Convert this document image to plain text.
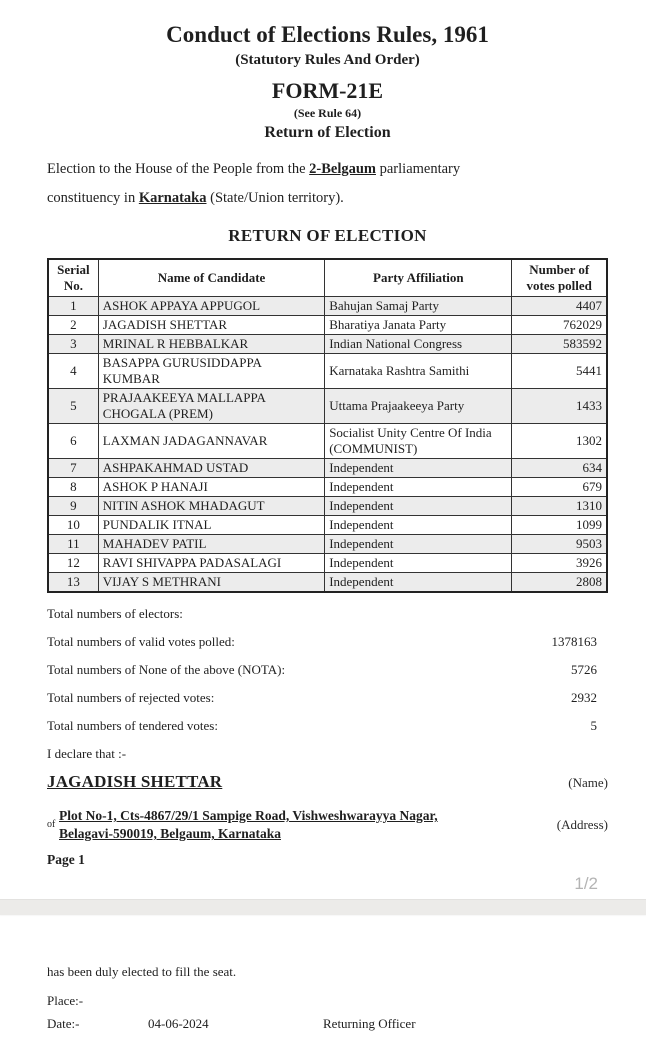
Conduct of Elections Rules, 1961
(Statutory Rules And Order)
FORM-21E
(See Rule 64)
Return of Election
Election to the House of the People from the 2-Belgaum parliamentary
constituency in Karnataka (State/Union territory).
RETURN OF ELECTION
Serial No.	Name of Candidate	Party Affiliation	Number of votes polled
1	ASHOK APPAYA APPUGOL	Bahujan Samaj Party	4407
2	JAGADISH SHETTAR	Bharatiya Janata Party	762029
3	MRINAL R HEBBALKAR	Indian National Congress	583592
4	BASAPPA GURUSIDDAPPA KUMBAR	Karnataka Rashtra Samithi	5441
5	PRAJAAKEEYA MALLAPPA CHOGALA (PREM)	Uttama Prajaakeeya Party	1433
6	LAXMAN JADAGANNAVAR	Socialist Unity Centre Of India (COMMUNIST)	1302
7	ASHPAKAHMAD USTAD	Independent	634
8	ASHOK P HANAJI	Independent	679
9	NITIN ASHOK MHADAGUT	Independent	1310
10	PUNDALIK ITNAL	Independent	1099
11	MAHADEV PATIL	Independent	9503
12	RAVI SHIVAPPA PADASALAGI	Independent	3926
13	VIJAY S METHRANI	Independent	2808
Total numbers of electors:
Total numbers of valid votes polled:	1378163
Total numbers of None of the above (NOTA):	5726
Total numbers of rejected votes:	2932
Total numbers of tendered votes:	5
I declare that :-
JAGADISH SHETTAR	(Name)
of
Plot No-1, Cts-4867/29/1 Sampige Road, Vishweshwarayya Nagar,
Belagavi-590019, Belgaum, Karnataka
(Address)
Page 1
1/2
has been duly elected to fill the seat.
Place:-
Date:-	04-06-2024	Returning Officer
